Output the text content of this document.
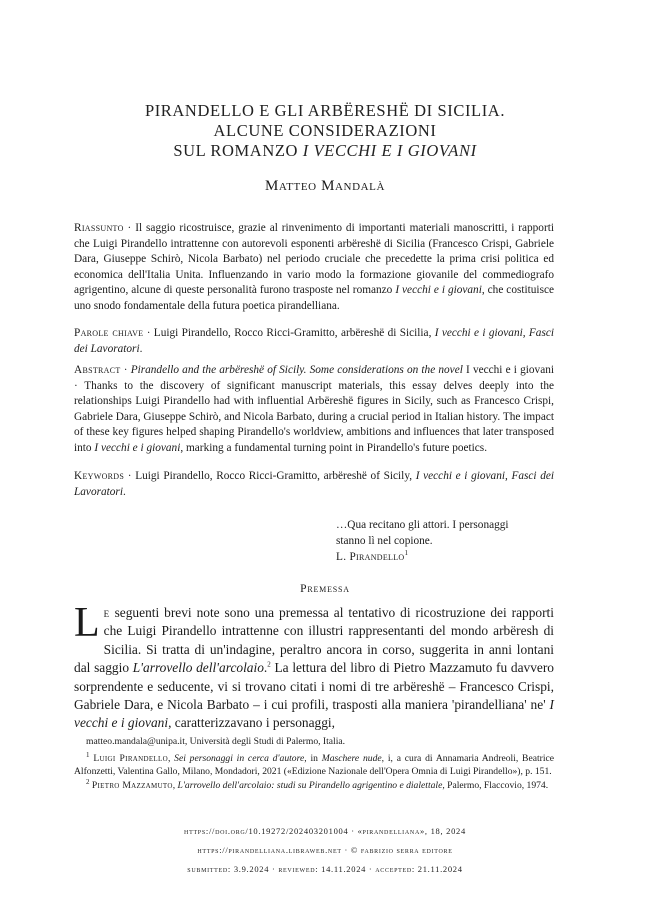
PIRANDELLO E GLI ARBËRESHË DI SICILIA.
ALCUNE CONSIDERAZIONI
SUL ROMANZO I VECCHI E I GIOVANI
Matteo Mandalà
Riassunto · Il saggio ricostruisce, grazie al rinvenimento di importanti materiali manoscritti, i rapporti che Luigi Pirandello intrattenne con autorevoli esponenti arbëreshë di Sicilia (Francesco Crispi, Gabriele Dara, Giuseppe Schirò, Nicola Barbato) nel periodo cruciale che precedette la prima crisi politica ed economica dell'Italia Unita. Influenzando in vario modo la formazione giovanile del commediografo agrigentino, alcune di queste personalità furono trasposte nel romanzo I vecchi e i giovani, che costituisce uno snodo fondamentale della futura poetica pirandelliana.
Parole chiave · Luigi Pirandello, Rocco Ricci-Gramitto, arbëreshë di Sicilia, I vecchi e i giovani, Fasci dei Lavoratori.
Abstract · Pirandello and the arbëreshë of Sicily. Some considerations on the novel I vecchi e i giovani · Thanks to the discovery of significant manuscript materials, this essay delves deeply into the relationships Luigi Pirandello had with influential Arbëreshë figures in Sicily, such as Francesco Crispi, Gabriele Dara, Giuseppe Schirò, and Nicola Barbato, during a crucial period in Italian history. The impact of these key figures helped shaping Pirandello's worldview, ambitions and influences that later transposed into I vecchi e i giovani, marking a fundamental turning point in Pirandello's future poetics.
Keywords · Luigi Pirandello, Rocco Ricci-Gramitto, arbëreshë of Sicily, I vecchi e i giovani, Fasci dei Lavoratori.
…Qua recitano gli attori. I personaggi
stanno lì nel copione.
L. Pirandello$^1$
Premessa
Le seguenti brevi note sono una premessa al tentativo di ricostruzione dei rapporti che Luigi Pirandello intrattenne con illustri rappresentanti del mondo arbëresh di Sicilia. Si tratta di un'indagine, peraltro ancora in corso, suggerita in anni lontani dal saggio L'arrovello dell'arcolaio.$^2$ La lettura del libro di Pietro Mazzamuto fu davvero sorprendente e seducente, vi si trovano citati i nomi di tre arbëreshë – Francesco Crispi, Gabriele Dara, e Nicola Barbato – i cui profili, trasposti alla maniera 'pirandelliana' ne' I vecchi e i giovani, caratterizzavano i personaggi,

matteo.mandala@unipa.it, Università degli Studi di Palermo, Italia.

$^1$ Luigi Pirandello, Sei personaggi in cerca d'autore, in Maschere nude, i, a cura di Annamaria Andreoli, Beatrice Alfonzetti, Valentina Gallo, Milano, Mondadori, 2021 («Edizione Nazionale dell'Opera Omnia di Luigi Pirandello»), p. 151.

$^2$ Pietro Mazzamuto, L'arrovello dell'arcolaio: studi su Pirandello agrigentino e dialettale, Palermo, Flaccovio, 1974.

https://doi.org/10.19272/202403201004 · «pirandelliana», 18, 2024
https://pirandelliana.libraweb.net · © fabrizio serra editore
submitted: 3.9.2024 · reviewed: 14.11.2024 · accepted: 21.11.2024
